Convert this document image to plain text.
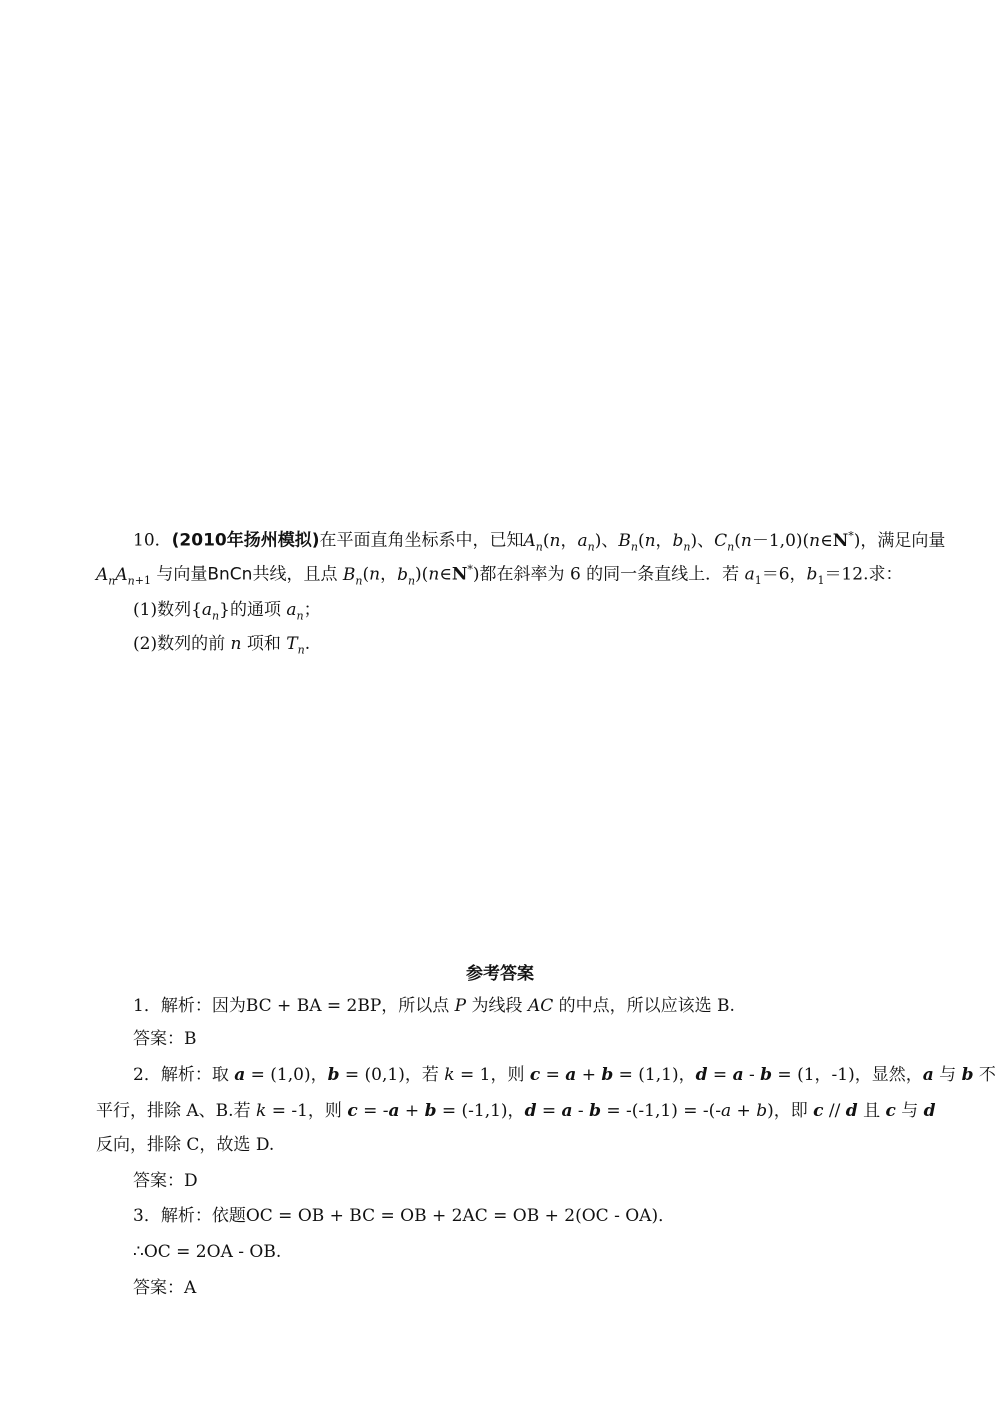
10．(2010年扬州模拟)在平面直角坐标系中，已知$A_n(n$，$a_n$)、$B_n(n$，$b_n$)、$C_n(n-1,0)(n\in N^*)$，满足向量
$A_nA_{n+1}$ 与向量BnCn共线，且点 $B_n(n$，$b_n)(n\in N^*)$都在斜率为 6 的同一条直线上．若 $a_1=6$，$b_1=12$.求：
(1)数列$\{a_n\}$的通项 $a_n$；
(2)数列的前 n 项和 $T_n$.
参考答案
1．解析：因为BC + BA = 2BP，所以点 P 为线段 AC 的中点，所以应该选 B.
答案：B
2．解析：取 a = (1,0)，b = (0,1)，若 k = 1，则 c = a + b = (1,1)，d = a - b = (1，-1)，显然，a 与 b 不
平行，排除 A、B.若 k = -1，则 c = -a + b = (-1,1)，d = a - b = -(-1,1) = -(-a + b)，即 c // d 且 c 与 d
反向，排除 C，故选 D.
答案：D
3．解析：依题OC = OB + BC = OB + 2AC = OB + 2(OC - OA)．
∴OC = 2OA - OB.
答案：A
